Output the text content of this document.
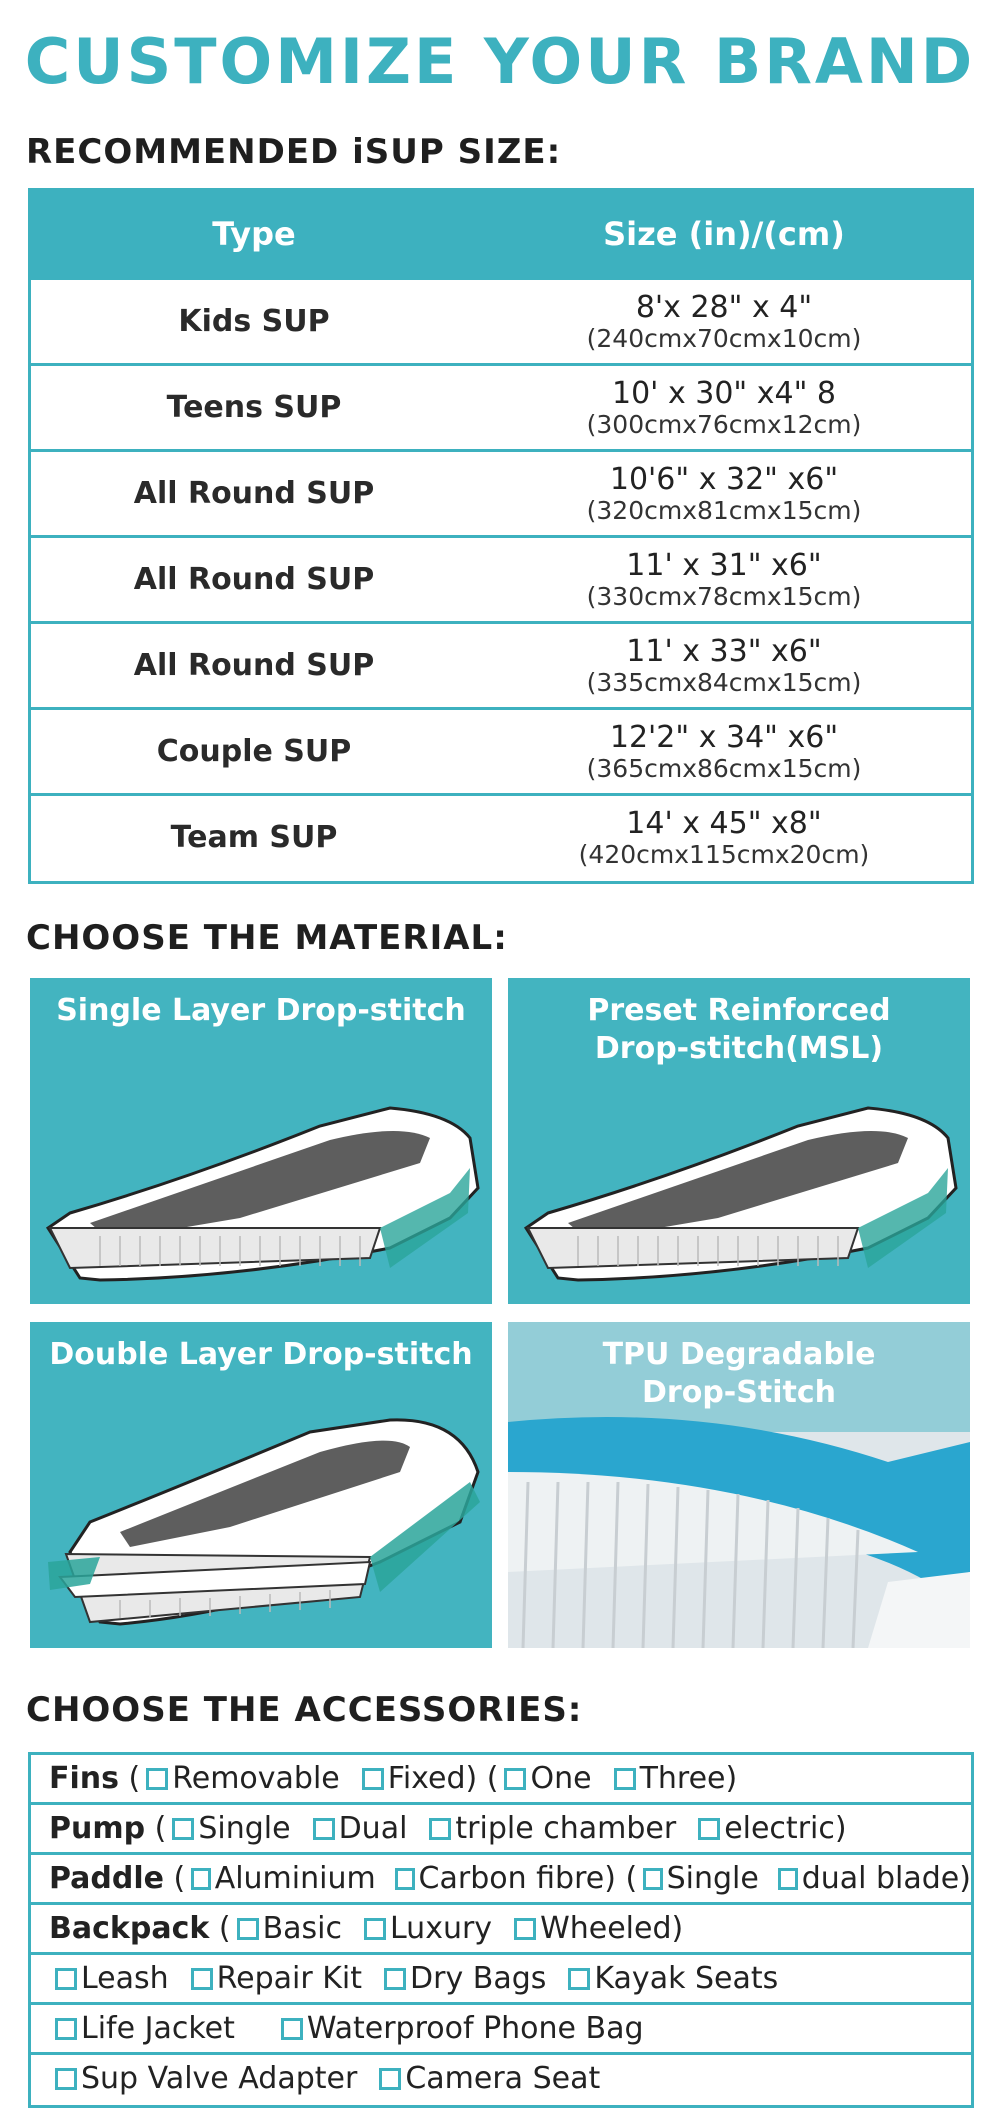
CUSTOMIZE YOUR BRAND
RECOMMENDED iSUP SIZE:
Type	Size (in)/(cm)
Kids SUP	8'x 28" x 4"
(240cmx70cmx10cm)
Teens SUP	10' x 30" x4" 8
(300cmx76cmx12cm)
All Round SUP	10'6" x 32" x6"
(320cmx81cmx15cm)
All Round SUP	11' x 31" x6"
(330cmx78cmx15cm)
All Round SUP	11' x 33" x6"
(335cmx84cmx15cm)
Couple SUP	12'2" x 34" x6"
(365cmx86cmx15cm)
Team SUP	14' x 45" x8"
(420cmx115cmx20cm)
CHOOSE THE MATERIAL:
Single Layer Drop-stitch	Preset Reinforced
Drop-stitch(MSL)
Double Layer Drop-stitch	TPU Degradable
Drop-Stitch
CHOOSE THE ACCESSORIES:
Fins ( Removable Fixed ) ( One Three )
Pump ( Single Dual triple chamber electric )
Paddle ( Aluminium Carbon fibre ) ( Single dual blade )
Backpack ( Basic Luxury Wheeled )
Leash Repair Kit Dry Bags Kayak Seats
Life Jacket Waterproof Phone Bag
Sup Valve Adapter Camera Seat
